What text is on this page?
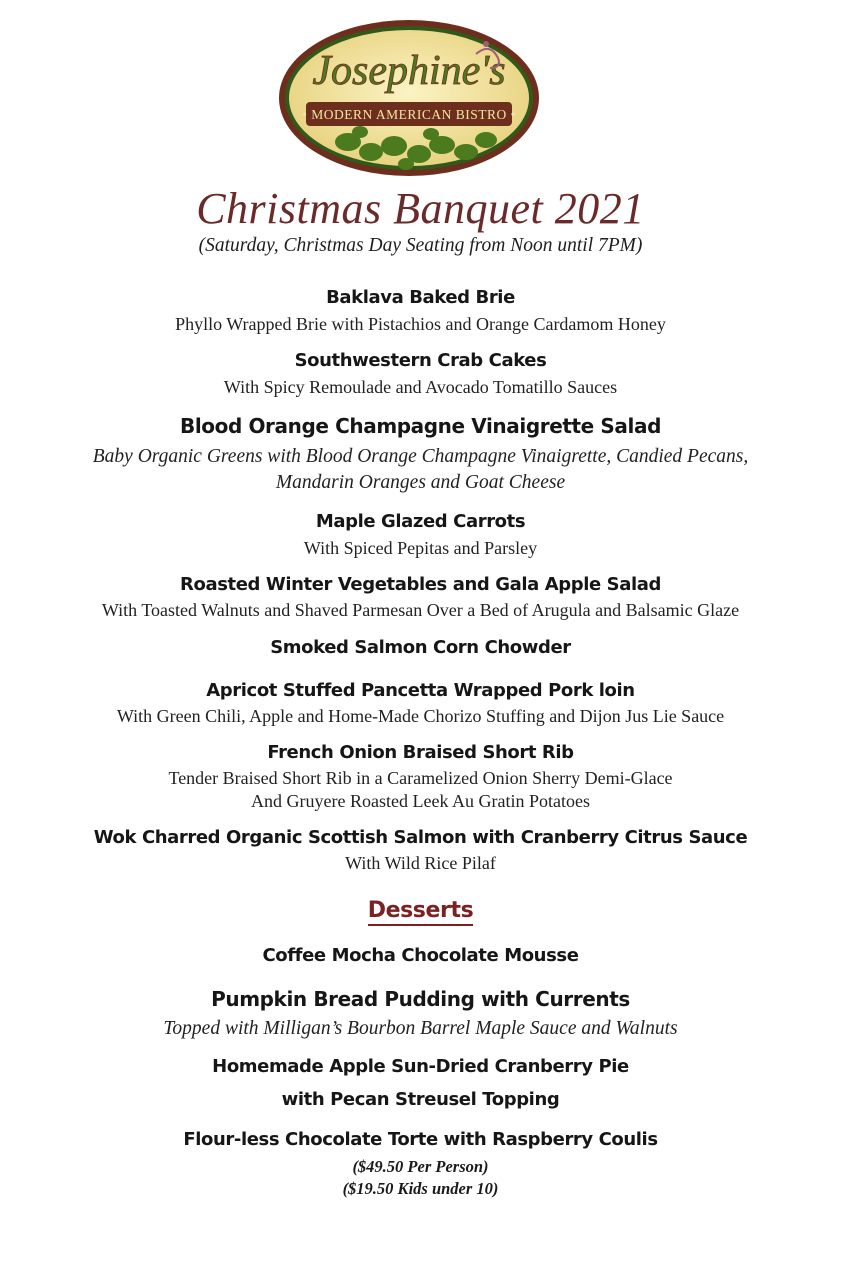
• MODERN AMERICAN BISTRO •
Josephine's
Christmas Banquet 2021
(Saturday, Christmas Day Seating from Noon until 7PM)
Baklava Baked Brie
Phyllo Wrapped Brie with Pistachios and Orange Cardamom Honey
Southwestern Crab Cakes
With Spicy Remoulade and Avocado Tomatillo Sauces
Blood Orange Champagne Vinaigrette Salad
Baby Organic Greens with Blood Orange Champagne Vinaigrette, Candied Pecans,
Mandarin Oranges and Goat Cheese
Maple Glazed Carrots
With Spiced Pepitas and Parsley
Roasted Winter Vegetables and Gala Apple Salad
With Toasted Walnuts and Shaved Parmesan Over a Bed of Arugula and Balsamic Glaze
Smoked Salmon Corn Chowder
Apricot Stuffed Pancetta Wrapped Pork loin
With Green Chili, Apple and Home-Made Chorizo Stuffing and Dijon Jus Lie Sauce
French Onion Braised Short Rib
Tender Braised Short Rib in a Caramelized Onion Sherry Demi-Glace
And Gruyere Roasted Leek Au Gratin Potatoes
Wok Charred Organic Scottish Salmon with Cranberry Citrus Sauce
With Wild Rice Pilaf
Desserts
Coffee Mocha Chocolate Mousse
Pumpkin Bread Pudding with Currents
Topped with Milligan’s Bourbon Barrel Maple Sauce and Walnuts
Homemade Apple Sun-Dried Cranberry Pie
with Pecan Streusel Topping
Flour-less Chocolate Torte with Raspberry Coulis
($49.50 Per Person)
($19.50 Kids under 10)
